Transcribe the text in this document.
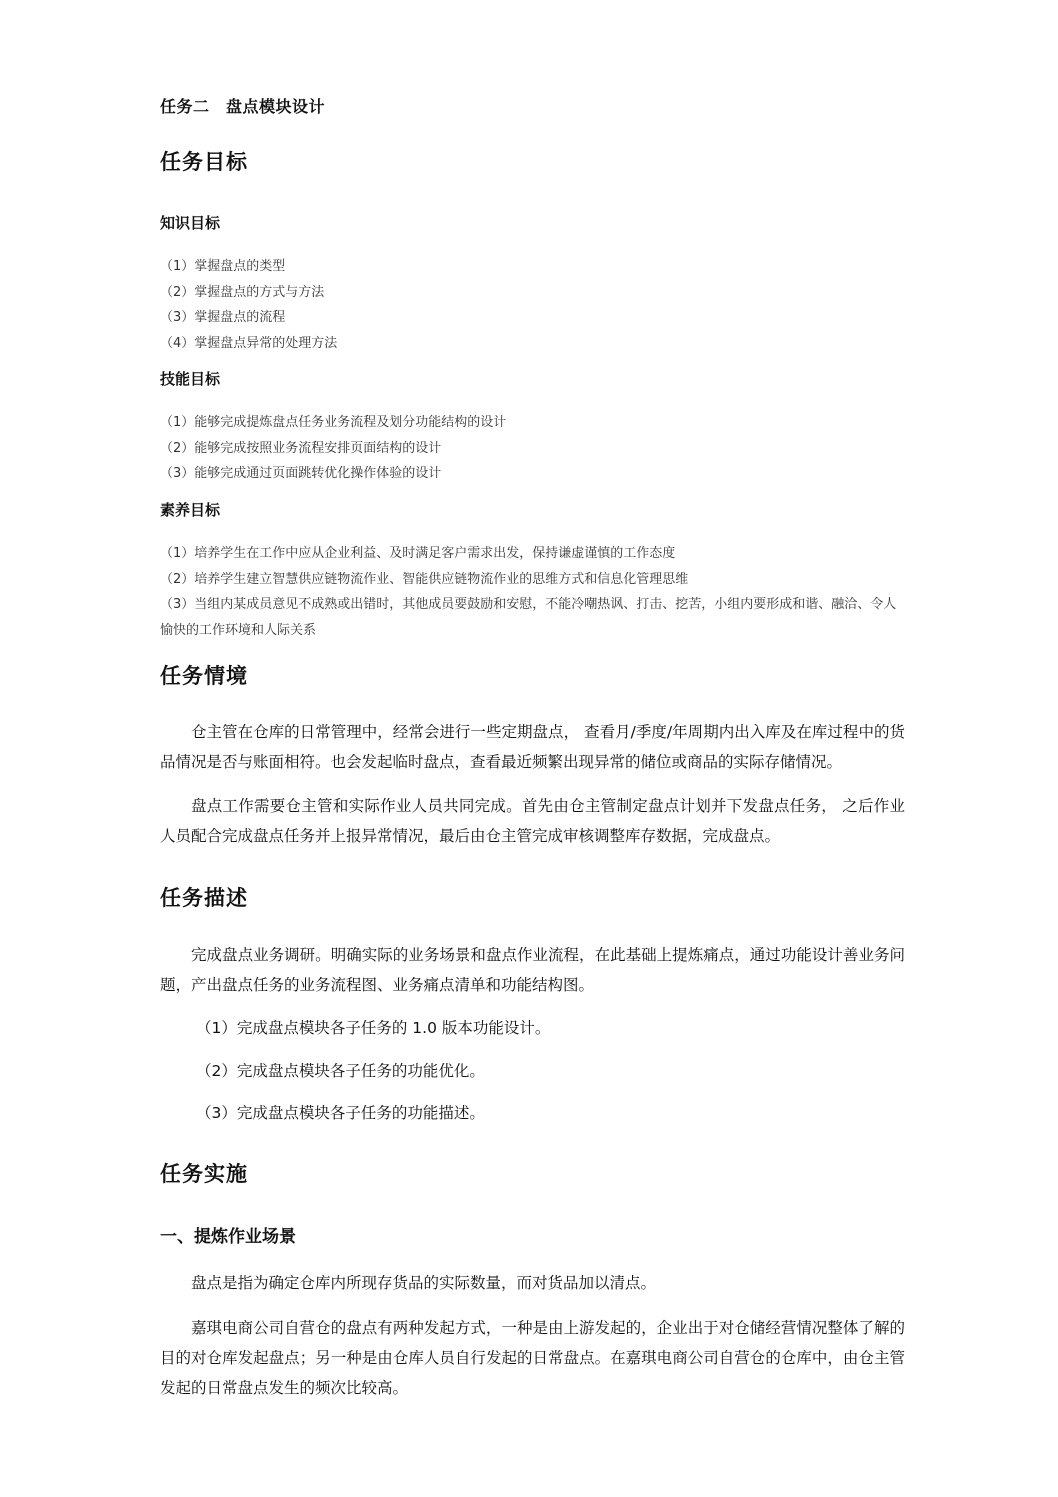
任务二　盘点模块设计
任务目标
知识目标
（1）掌握盘点的类型
（2）掌握盘点的方式与方法
（3）掌握盘点的流程
（4）掌握盘点异常的处理方法
技能目标
（1）能够完成提炼盘点任务业务流程及划分功能结构的设计
（2）能够完成按照业务流程安排页面结构的设计
（3）能够完成通过页面跳转优化操作体验的设计
素养目标
（1）培养学生在工作中应从企业利益、及时满足客户需求出发，保持谦虚谨慎的工作态度
（2）培养学生建立智慧供应链物流作业、智能供应链物流作业的思维方式和信息化管理思维
（3）当组内某成员意见不成熟或出错时，其他成员要鼓励和安慰，不能冷嘲热讽、打击、挖苦，小组内要形成和谐、融洽、令人愉快的工作环境和人际关系
任务情境

仓主管在仓库的日常管理中，经常会进行一些定期盘点， 查看月/季度/年周期内出入库及在库过程中的货品情况是否与账面相符。也会发起临时盘点，查看最近频繁出现异常的储位或商品的实际存储情况。

盘点工作需要仓主管和实际作业人员共同完成。首先由仓主管制定盘点计划并下发盘点任务， 之后作业人员配合完成盘点任务并上报异常情况，最后由仓主管完成审核调整库存数据，完成盘点。

任务描述

完成盘点业务调研。明确实际的业务场景和盘点作业流程，在此基础上提炼痛点，通过功能设计善业务问题，产出盘点任务的业务流程图、业务痛点清单和功能结构图。

（1）完成盘点模块各子任务的 1.0 版本功能设计。
（2）完成盘点模块各子任务的功能优化。
（3）完成盘点模块各子任务的功能描述。
任务实施
一、提炼作业场景

盘点是指为确定仓库内所现存货品的实际数量，而对货品加以清点。

嘉琪电商公司自营仓的盘点有两种发起方式，一种是由上游发起的，企业出于对仓储经营情况整体了解的目的对仓库发起盘点；另一种是由仓库人员自行发起的日常盘点。在嘉琪电商公司自营仓的仓库中，由仓主管发起的日常盘点发生的频次比较高。
